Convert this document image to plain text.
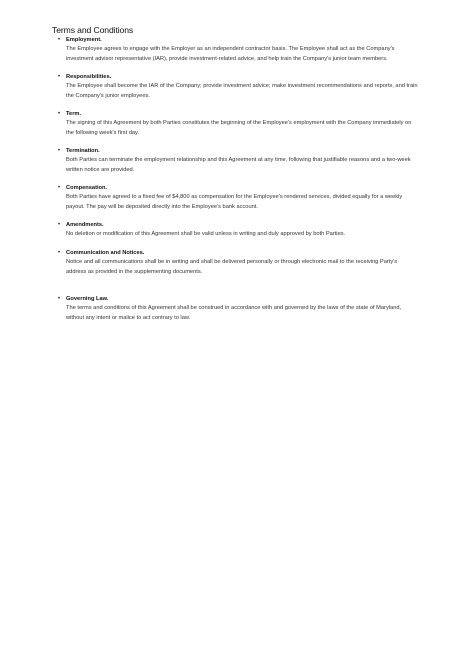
Terms and Conditions
• Employment.
The Employee agrees to engage with the Employer as an independent contractor basis. The Employee shall act as the Company's investment advisor representative (IAR), provide investment-related advice, and help train the Company's junior team members.
• Responsibilities.
The Employee shall become the IAR of the Company; provide investment advice; make investment recommendations and reports, and train the Company's junior employees.
• Term.
The signing of this Agreement by both Parties constitutes the beginning of the Employee's employment with the Company immediately on the following week's first day.
• Termination.
Both Parties can terminate the employment relationship and this Agreement at any time, following that justifiable reasons and a two-week written notice are provided.
• Compensation.
Both Parties have agreed to a fixed fee of $4,800 as compensation for the Employee's rendered services, divided equally for a weekly payout. The pay will be deposited directly into the Employee's bank account.
• Amendments.
No deletion or modification of this Agreement shall be valid unless in writing and duly approved by both Parties.
• Communication and Notices.
Notice and all communications shall be in writing and shall be delivered personally or through electronic mail to the receiving Party's address as provided in the supplementing documents.
• Governing Law.
The terms and conditions of this Agreement shall be construed in accordance with and governed by the laws of the state of Maryland, without any intent or malice to act contrary to law.
